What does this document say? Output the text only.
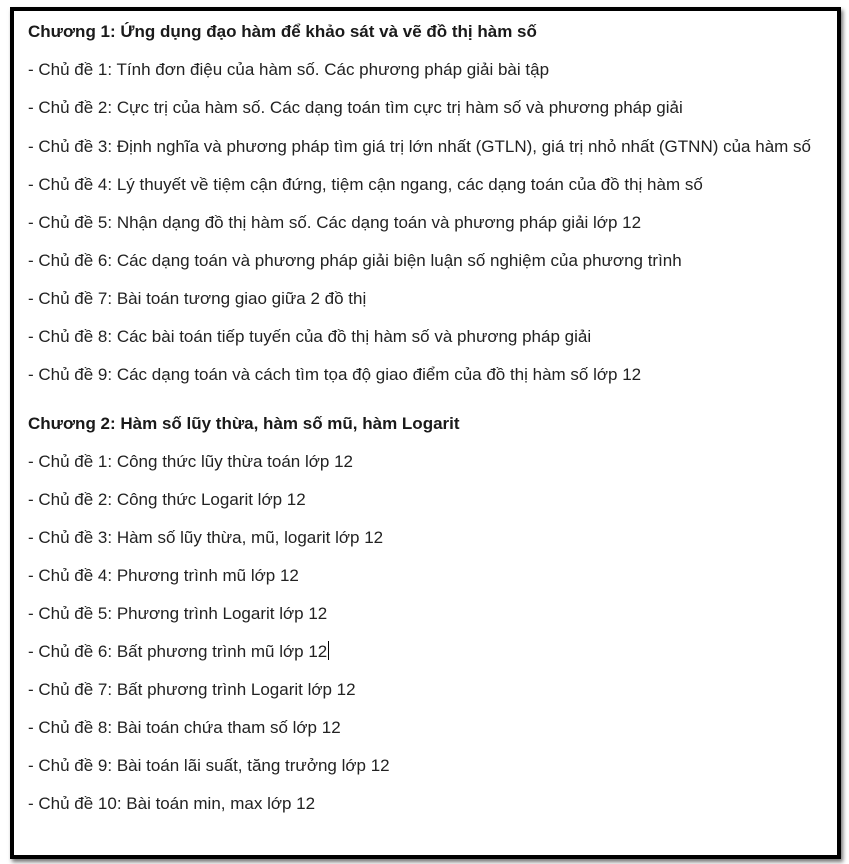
Chương 1: Ứng dụng đạo hàm để khảo sát và vẽ đồ thị hàm số

- Chủ đề 1: Tính đơn điệu của hàm số. Các phương pháp giải bài tập

- Chủ đề 2: Cực trị của hàm số. Các dạng toán tìm cực trị hàm số và phương pháp giải

- Chủ đề 3: Định nghĩa và phương pháp tìm giá trị lớn nhất (GTLN), giá trị nhỏ nhất (GTNN) của hàm số

- Chủ đề 4: Lý thuyết về tiệm cận đứng, tiệm cận ngang, các dạng toán của đồ thị hàm số

- Chủ đề 5: Nhận dạng đồ thị hàm số. Các dạng toán và phương pháp giải lớp 12

- Chủ đề 6: Các dạng toán và phương pháp giải biện luận số nghiệm của phương trình

- Chủ đề 7: Bài toán tương giao giữa 2 đồ thị

- Chủ đề 8: Các bài toán tiếp tuyến của đồ thị hàm số và phương pháp giải

- Chủ đề 9: Các dạng toán và cách tìm tọa độ giao điểm của đồ thị hàm số lớp 12

Chương 2: Hàm số lũy thừa, hàm số mũ, hàm Logarit

- Chủ đề 1: Công thức lũy thừa toán lớp 12

- Chủ đề 2: Công thức Logarit lớp 12

- Chủ đề 3: Hàm số lũy thừa, mũ, logarit lớp 12

- Chủ đề 4: Phương trình mũ lớp 12

- Chủ đề 5: Phương trình Logarit lớp 12

- Chủ đề 6: Bất phương trình mũ lớp 12

- Chủ đề 7: Bất phương trình Logarit lớp 12

- Chủ đề 8: Bài toán chứa tham số lớp 12

- Chủ đề 9: Bài toán lãi suất, tăng trưởng lớp 12

- Chủ đề 10: Bài toán min, max lớp 12
